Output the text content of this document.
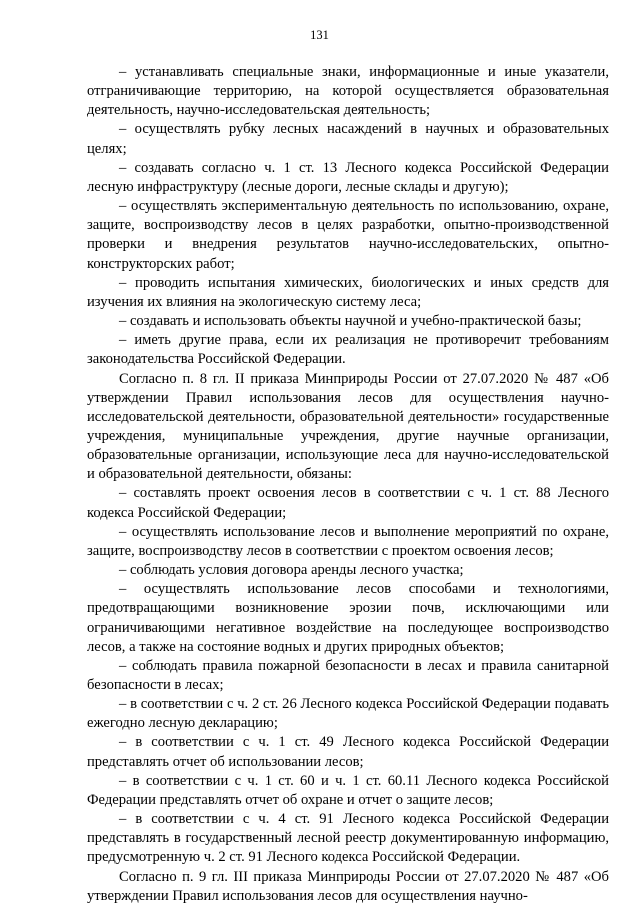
131

– устанавливать специальные знаки, информационные и иные указатели, отграничивающие территорию, на которой осуществляется образовательная деятельность, научно-исследовательская деятельность;

– осуществлять рубку лесных насаждений в научных и образовательных целях;

– создавать согласно ч. 1 ст. 13 Лесного кодекса Российской Федерации лесную инфраструктуру (лесные дороги, лесные склады и другую);

– осуществлять экспериментальную деятельность по использованию, охране, защите, воспроизводству лесов в целях разработки, опытно-производственной проверки и внедрения результатов научно-исследовательских, опытно-конструкторских работ;

– проводить испытания химических, биологических и иных средств для изучения их влияния на экологическую систему леса;

– создавать и использовать объекты научной и учебно-практической базы;

– иметь другие права, если их реализация не противоречит требованиям законодательства Российской Федерации.

Согласно п. 8 гл. II приказа Минприроды России от 27.07.2020 № 487 «Об утверждении Правил использования лесов для осуществления научно-исследовательской деятельности, образовательной деятельности» государственные учреждения, муниципальные учреждения, другие научные организации, образовательные организации, использующие леса для научно-исследовательской и образовательной деятельности, обязаны:

– составлять проект освоения лесов в соответствии с ч. 1 ст. 88 Лесного кодекса Российской Федерации;

– осуществлять использование лесов и выполнение мероприятий по охране, защите, воспроизводству лесов в соответствии с проектом освоения лесов;

– соблюдать условия договора аренды лесного участка;

– осуществлять использование лесов способами и технологиями, предотвращающими возникновение эрозии почв, исключающими или ограничивающими негативное воздействие на последующее воспроизводство лесов, а также на состояние водных и других природных объектов;

– соблюдать правила пожарной безопасности в лесах и правила санитарной безопасности в лесах;

– в соответствии с ч. 2 ст. 26 Лесного кодекса Российской Федерации подавать ежегодно лесную декларацию;

– в соответствии с ч. 1 ст. 49 Лесного кодекса Российской Федерации представлять отчет об использовании лесов;

– в соответствии с ч. 1 ст. 60 и ч. 1 ст. 60.11 Лесного кодекса Российской Федерации представлять отчет об охране и отчет о защите лесов;

– в соответствии с ч. 4 ст. 91 Лесного кодекса Российской Федерации представлять в государственный лесной реестр документированную информацию, предусмотренную ч. 2 ст. 91 Лесного кодекса Российской Федерации.

Согласно п. 9 гл. III приказа Минприроды России от 27.07.2020 № 487 «Об утверждении Правил использования лесов для осуществления научно-
